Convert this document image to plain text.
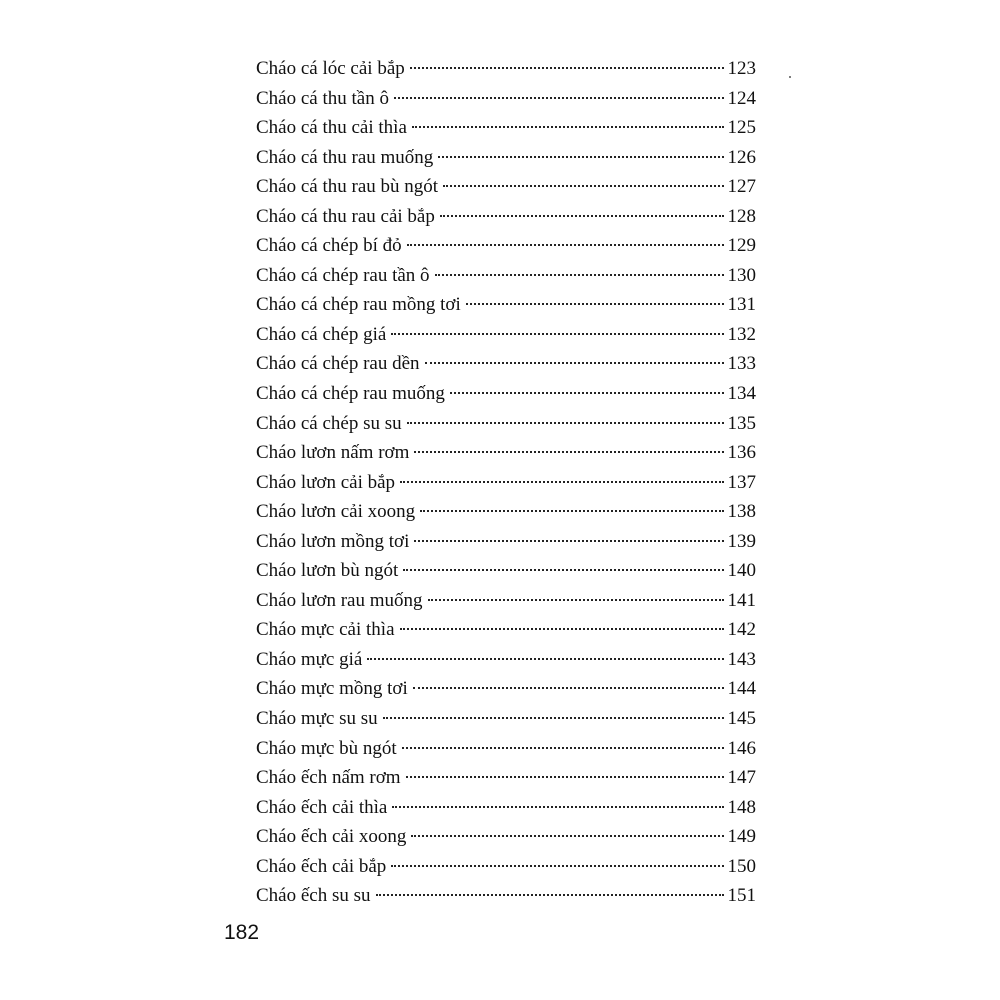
Cháo cá lóc cải bắp	123
Cháo cá thu tần ô	124
Cháo cá thu cải thìa	125
Cháo cá thu rau muống	126
Cháo cá thu rau bù ngót	127
Cháo cá thu rau cải bắp	128
Cháo cá chép bí đỏ	129
Cháo cá chép rau tần ô	130
Cháo cá chép rau mồng tơi	131
Cháo cá chép giá	132
Cháo cá chép rau dền	133
Cháo cá chép rau muống	134
Cháo cá chép su su	135
Cháo lươn nấm rơm	136
Cháo lươn cải bắp	137
Cháo lươn cải xoong	138
Cháo lươn mồng tơi	139
Cháo lươn bù ngót	140
Cháo lươn rau muống	141
Cháo mực cải thìa	142
Cháo mực giá	143
Cháo mực mồng tơi	144
Cháo mực su su	145
Cháo mực bù ngót	146
Cháo ếch nấm rơm	147
Cháo ếch cải thìa	148
Cháo ếch cải xoong	149
Cháo ếch cải bắp	150
Cháo ếch su su	151
182
